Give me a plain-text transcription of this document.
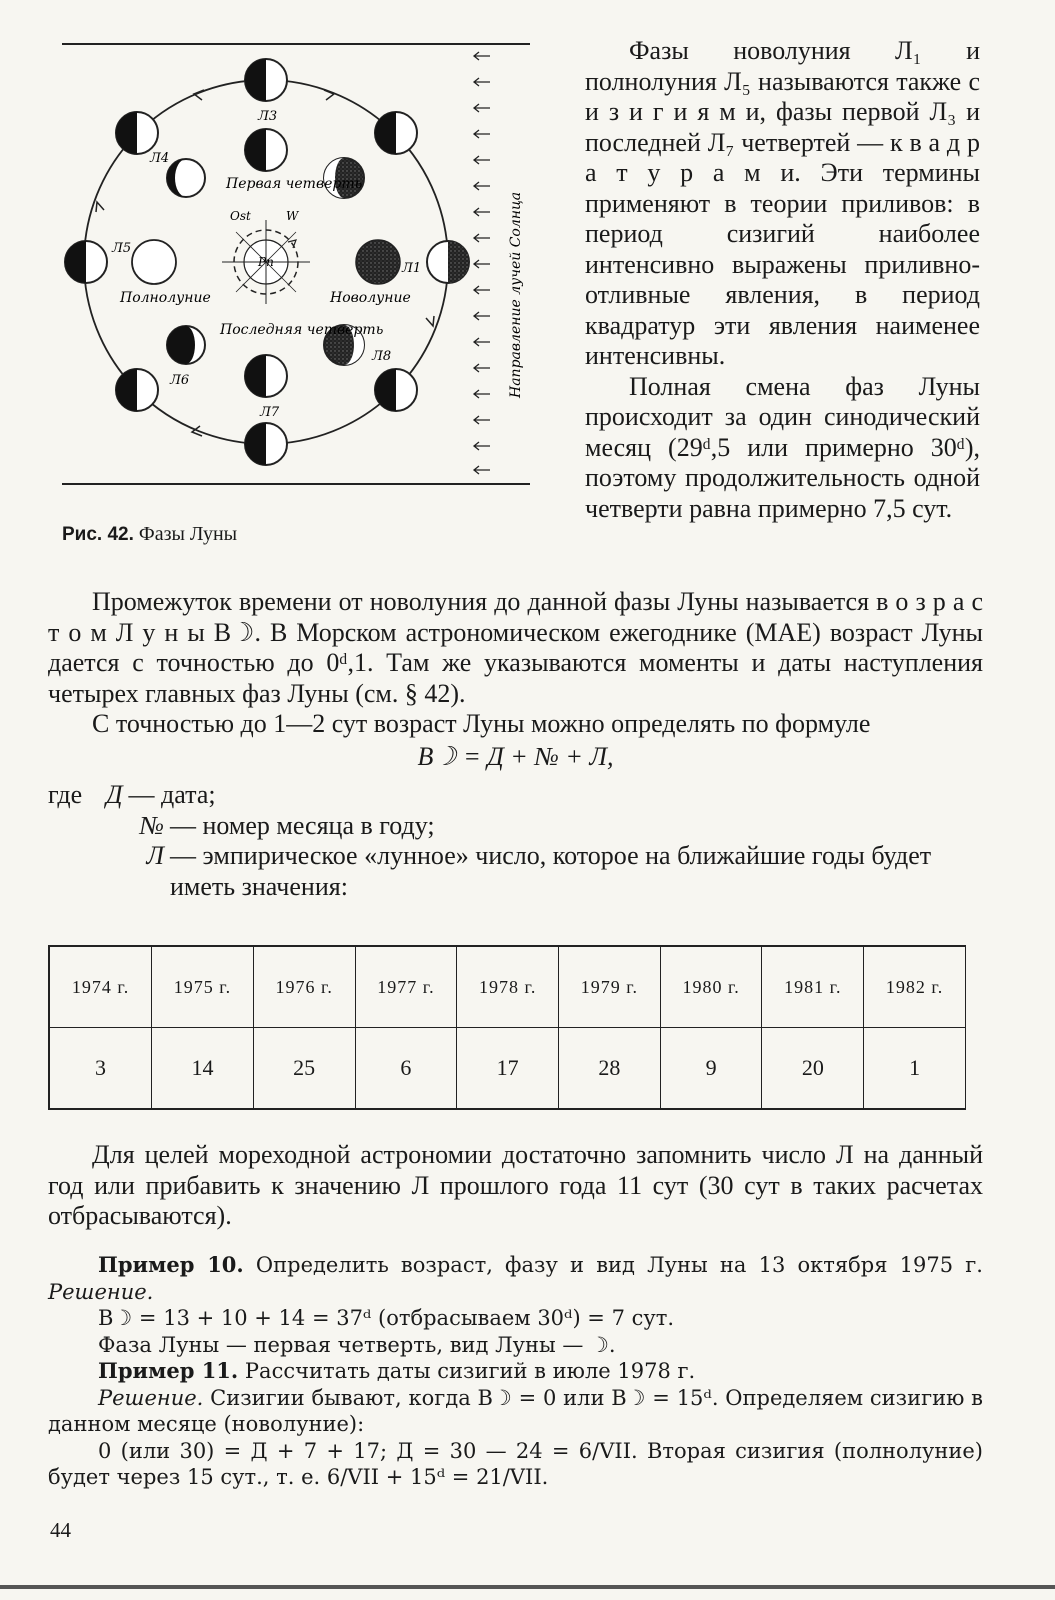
Pn
Ost	W
Л3
Л4
Л5
Л6
Л7
Л8
Л1
Первая четверть
Последняя четверть
Полнолуние	Новолуние	Направление лучей Солнца
Рис. 42. Фазы Луны

Фазы новолуния Л₁ и полнолуния Л₅ называются также с и з и г и я м и, фазы первой Л₃ и последней Л₇ четвертей — к в а д р а т у р а м и. Эти термины применяют в теории приливов: в период сизигий наиболее интенсивно выражены приливно-отливные явления, в период квадратур эти явления наименее интенсивны.

Полная смена фаз Луны происходит за один синодический месяц (29ᵈ,5 или примерно 30ᵈ), поэтому продолжительность одной четверти равна примерно 7,5 сут.

Промежуток времени от новолуния до данной фазы Луны называется в о з р а с т о м Л у н ы B☽. В Морском астрономическом ежегоднике (МАЕ) возраст Луны дается с точностью до 0ᵈ,1. Там же указываются моменты и даты наступления четырех главных фаз Луны (см. § 42).

С точностью до 1—2 сут возраст Луны можно определять по формуле

B☽ = Д + № + Л,
где Д — дата;
№ — номер месяца в году;
Л — эмпирическое «лунное» число, которое на ближайшие годы будет иметь значения:
1974 г.	1975 г.	1976 г.	1977 г.	1978 г.	1979 г.	1980 г.	1981 г.	1982 г.
3	14	25	6	17	28	9	20	1

Для целей мореходной астрономии достаточно запомнить число Л на данный год или прибавить к значению Л прошлого года 11 сут (30 сут в таких расчетах отбрасываются).

Пример 10. Определить возраст, фазу и вид Луны на 13 октября 1975 г. Решение.

B☽ = 13 + 10 + 14 = 37ᵈ (отбрасываем 30ᵈ) = 7 сут.

Фаза Луны — первая четверть, вид Луны — ☽.

Пример 11. Рассчитать даты сизигий в июле 1978 г.

Решение. Сизигии бывают, когда B☽ = 0 или B☽ = 15ᵈ. Определяем сизигию в данном месяце (новолуние):

0 (или 30) = Д + 7 + 17; Д = 30 — 24 = 6/VII. Вторая сизигия (полнолуние) будет через 15 сут., т. е. 6/VII + 15ᵈ = 21/VII.

44
